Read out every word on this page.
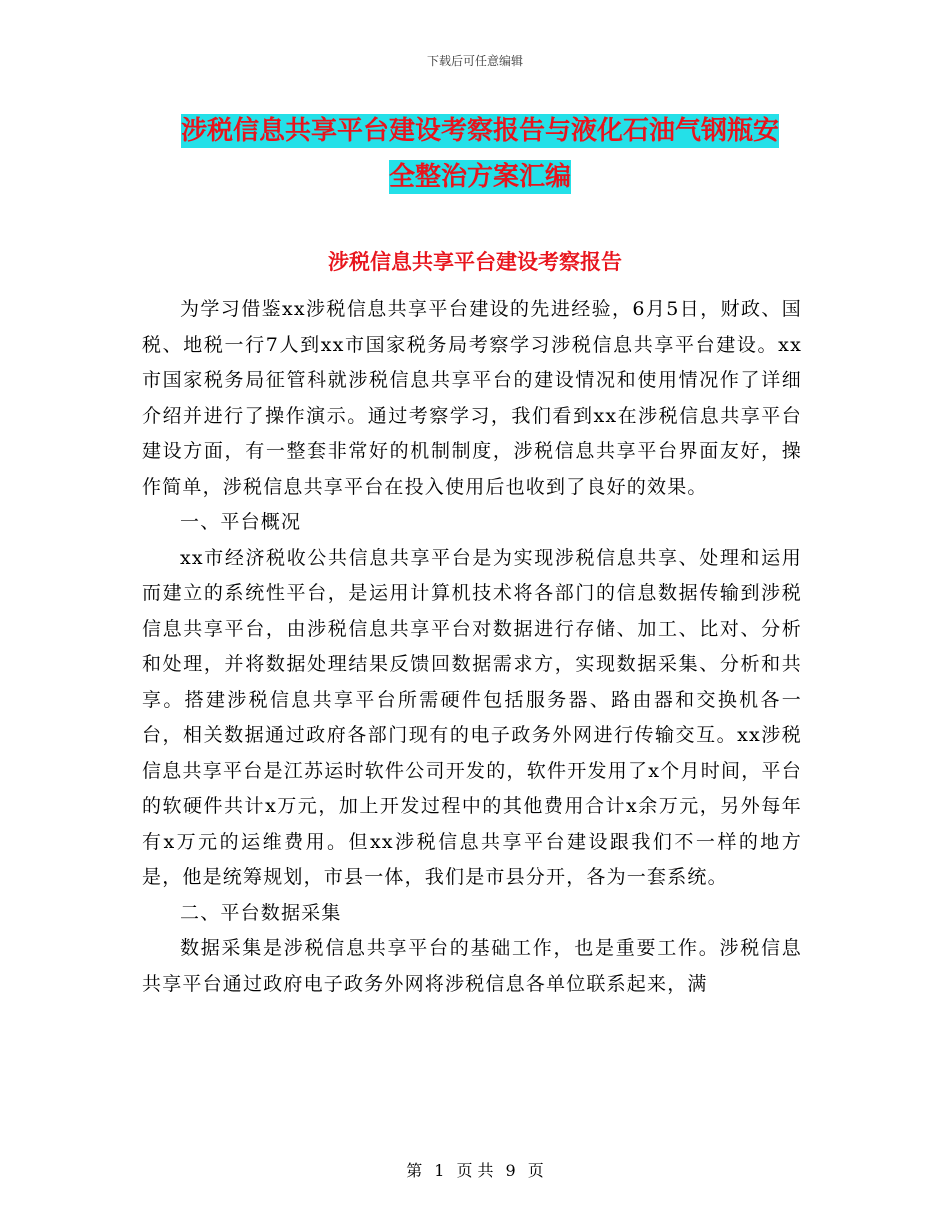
下载后可任意编辑
涉税信息共享平台建设考察报告与液化石油气钢瓶安
全整治方案汇编
涉税信息共享平台建设考察报告

为学习借鉴xx涉税信息共享平台建设的先进经验，6月5日，财政、国税、地税一行7人到xx市国家税务局考察学习涉税信息共享平台建设。xx市国家税务局征管科就涉税信息共享平台的建设情况和使用情况作了详细介绍并进行了操作演示。通过考察学习，我们看到xx在涉税信息共享平台建设方面，有一整套非常好的机制制度，涉税信息共享平台界面友好，操作简单，涉税信息共享平台在投入使用后也收到了良好的效果。

一、平台概况

xx市经济税收公共信息共享平台是为实现涉税信息共享、处理和运用而建立的系统性平台，是运用计算机技术将各部门的信息数据传输到涉税信息共享平台，由涉税信息共享平台对数据进行存储、加工、比对、分析和处理，并将数据处理结果反馈回数据需求方，实现数据采集、分析和共享。搭建涉税信息共享平台所需硬件包括服务器、路由器和交换机各一台，相关数据通过政府各部门现有的电子政务外网进行传输交互。xx涉税信息共享平台是江苏运时软件公司开发的，软件开发用了x个月时间，平台的软硬件共计x万元，加上开发过程中的其他费用合计x余万元，另外每年有x万元的运维费用。但xx涉税信息共享平台建设跟我们不一样的地方是，他是统筹规划，市县一体，我们是市县分开，各为一套系统。

二、平台数据采集

数据采集是涉税信息共享平台的基础工作，也是重要工作。涉税信息共享平台通过政府电子政务外网将涉税信息各单位联系起来，满

第 1 页 共 9 页
